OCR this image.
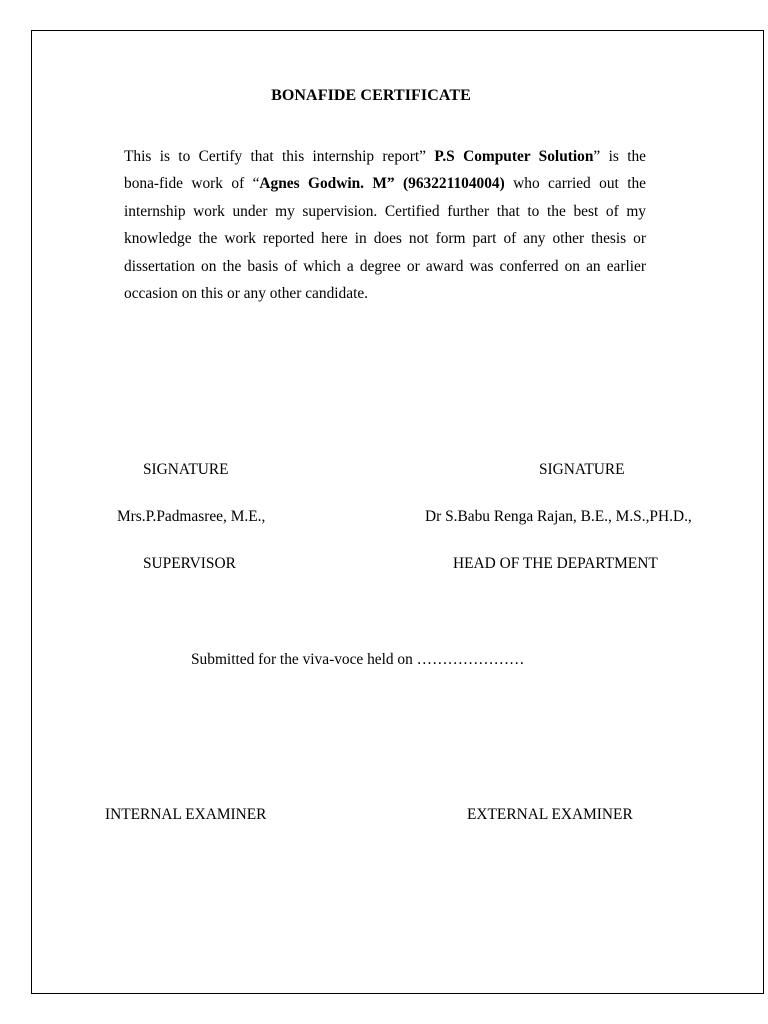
BONAFIDE CERTIFICATE
This is to Certify that this internship report” P.S Computer Solution” is the
bona-fide work of “Agnes Godwin. M” (963221104004) who carried out the
internship work under my supervision. Certified further that to the best of my
knowledge the work reported here in does not form part of any other thesis or
dissertation on the basis of which a degree or award was conferred on an earlier
occasion on this or any other candidate.
SIGNATURE	SIGNATURE
Mrs.P.Padmasree, M.E.,	Dr S.Babu Renga Rajan, B.E., M.S.,PH.D.,
SUPERVISOR	HEAD OF THE DEPARTMENT
Submitted for the viva-voce held on …………………
INTERNAL EXAMINER	EXTERNAL EXAMINER
